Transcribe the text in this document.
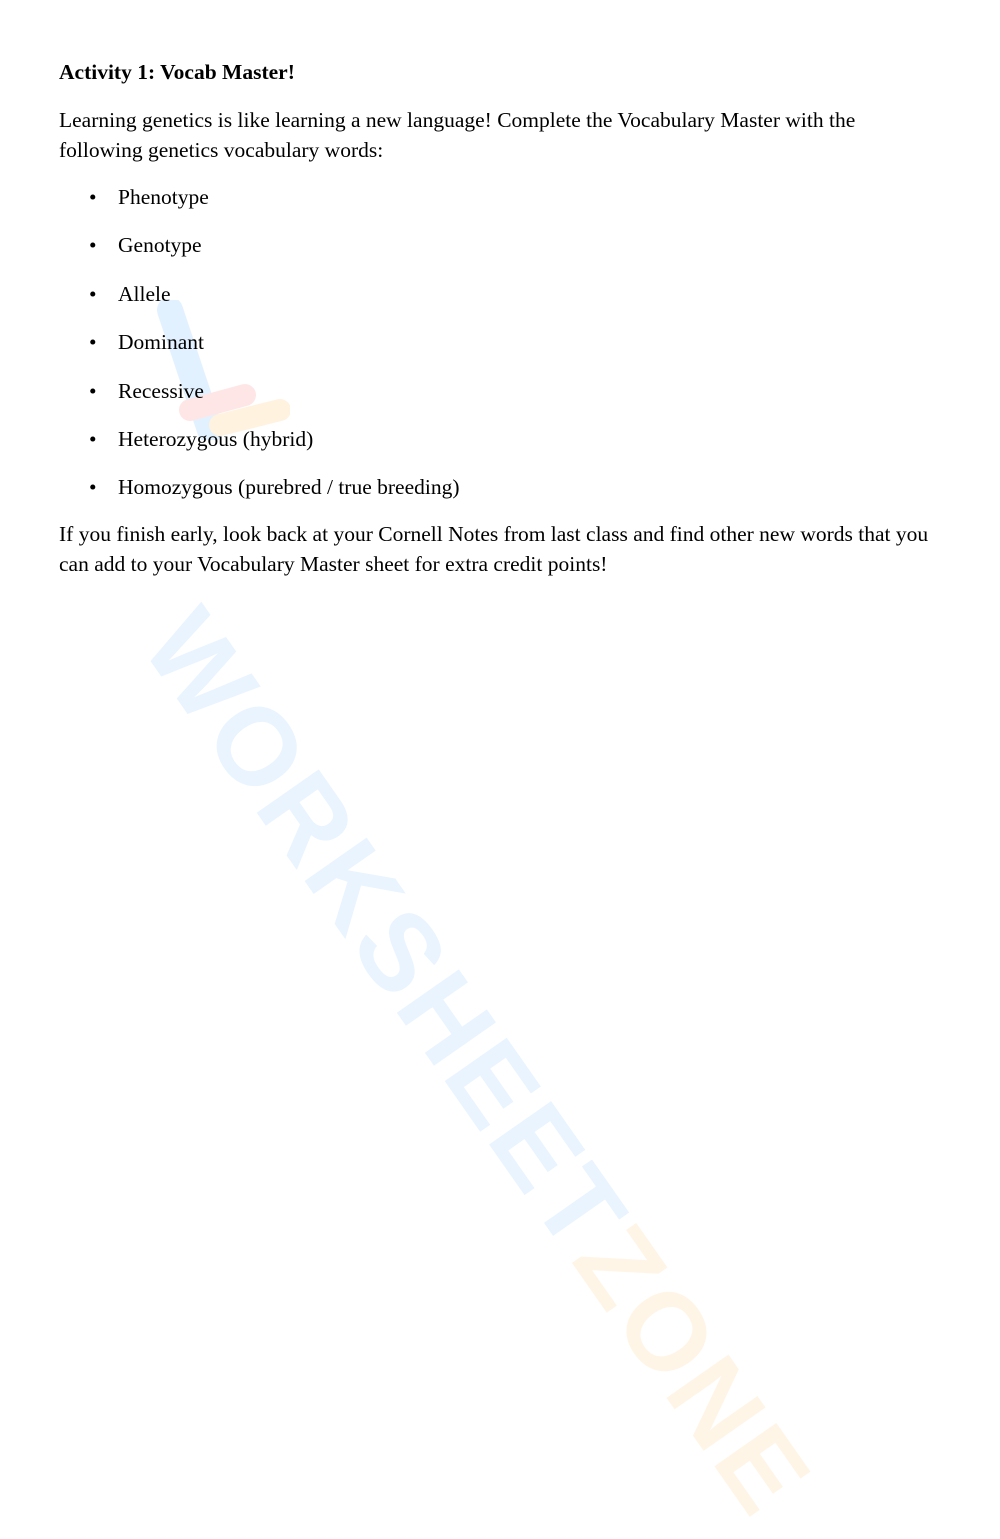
WORKSHEETZONE
Activity 1: Vocab Master!

Learning genetics is like learning a new language! Complete the Vocabulary Master with the following genetics vocabulary words:

• Phenotype
• Genotype
• Allele
• Dominant
• Recessive
• Heterozygous (hybrid)
• Homozygous (purebred / true breeding)

If you finish early, look back at your Cornell Notes from last class and find other new words that you can add to your Vocabulary Master sheet for extra credit points!
